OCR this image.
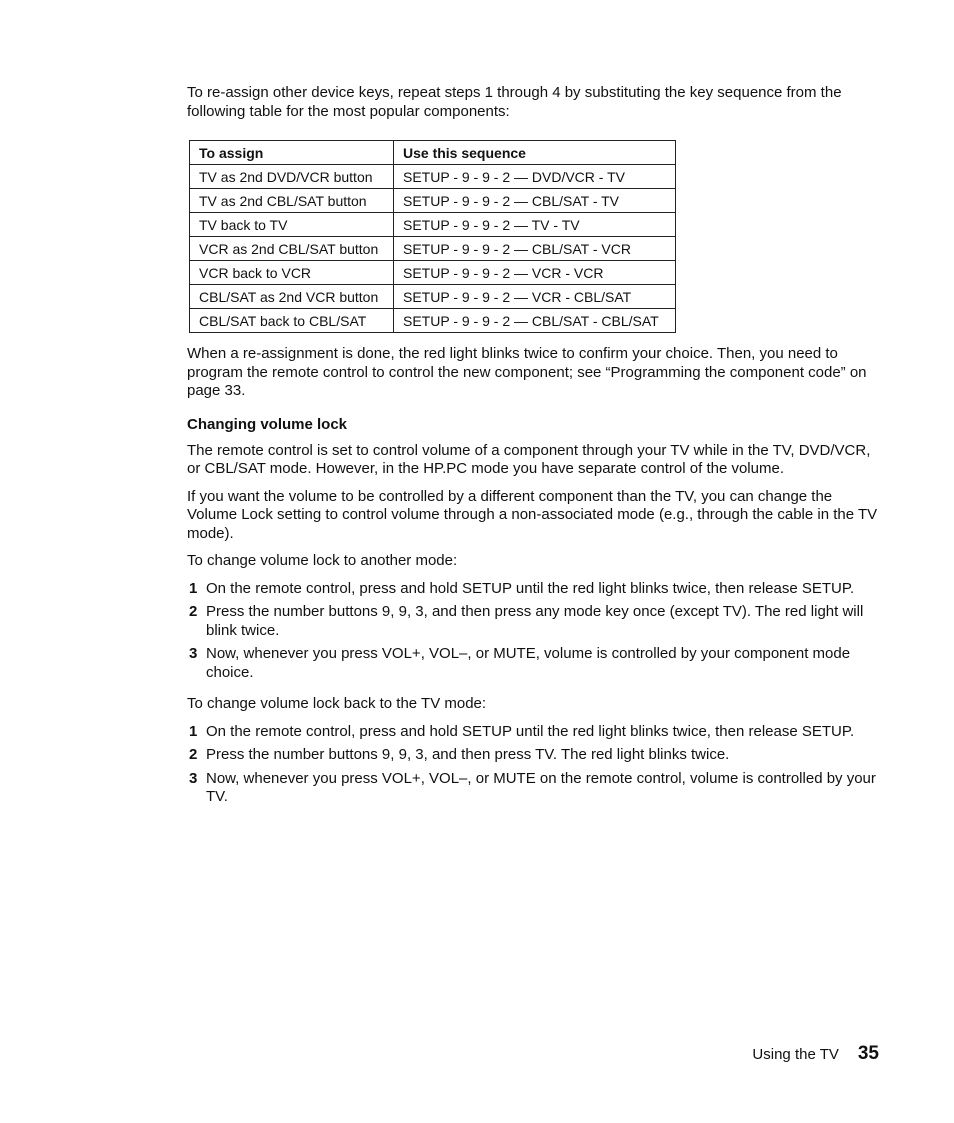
To re-assign other device keys, repeat steps 1 through 4 by substituting the key sequence from the following table for the most popular components:

To assign	Use this sequence
TV as 2nd DVD/VCR button	SETUP - 9 - 9 - 2 — DVD/VCR - TV
TV as 2nd CBL/SAT button	SETUP - 9 - 9 - 2 — CBL/SAT - TV
TV back to TV	SETUP - 9 - 9 - 2 — TV - TV
VCR as 2nd CBL/SAT button	SETUP - 9 - 9 - 2 — CBL/SAT - VCR
VCR back to VCR	SETUP - 9 - 9 - 2 — VCR - VCR
CBL/SAT as 2nd VCR button	SETUP - 9 - 9 - 2 — VCR - CBL/SAT
CBL/SAT back to CBL/SAT	SETUP - 9 - 9 - 2 — CBL/SAT - CBL/SAT

When a re-assignment is done, the red light blinks twice to confirm your choice. Then, you need to program the remote control to control the new component; see “Programming the component code” on page 33.

Changing volume lock

The remote control is set to control volume of a component through your TV while in the TV, DVD/VCR, or CBL/SAT mode. However, in the HP.PC mode you have separate control of the volume.

If you want the volume to be controlled by a different component than the TV, you can change the Volume Lock setting to control volume through a non-associated mode (e.g., through the cable in the TV mode).

To change volume lock to another mode:

1 On the remote control, press and hold SETUP until the red light blinks twice, then release SETUP.
2 Press the number buttons 9, 9, 3, and then press any mode key once (except TV). The red light will blink twice.
3 Now, whenever you press VOL+, VOL–, or MUTE, volume is controlled by your component mode choice.

To change volume lock back to the TV mode:

1 On the remote control, press and hold SETUP until the red light blinks twice, then release SETUP.
2 Press the number buttons 9, 9, 3, and then press TV. The red light blinks twice.
3 Now, whenever you press VOL+, VOL–, or MUTE on the remote control, volume is controlled by your TV.
Using the TV 35
